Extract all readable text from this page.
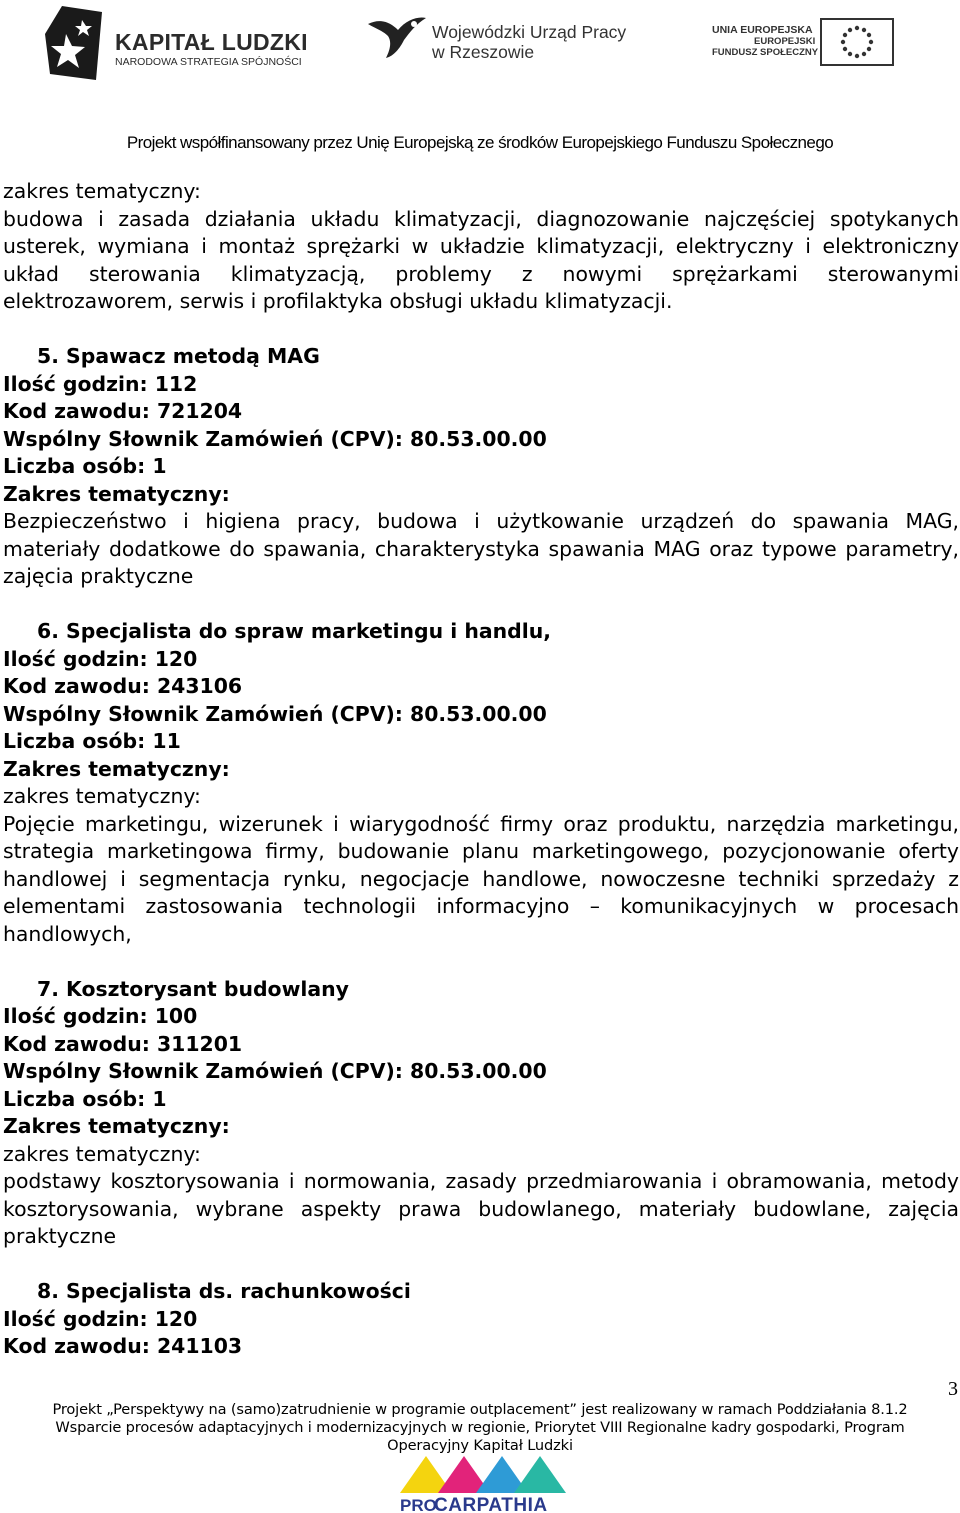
KAPITAŁ LUDZKI
NARODOWA STRATEGIA SPÓJNOŚCI
Wojewódzki Urząd Pracy
w Rzeszowie
UNIA EUROPEJSKA
EUROPEJSKI
FUNDUSZ SPOŁECZNY
Projekt współfinansowany przez Unię Europejską ze środków Europejskiego Funduszu Społecznego

zakres tematyczny:

budowa i zasada działania układu klimatyzacji, diagnozowanie najczęściej spotykanych usterek, wymiana i montaż sprężarki w układzie klimatyzacji, elektryczny i elektroniczny układ sterowania klimatyzacją, problemy z nowymi sprężarkami sterowanymi elektrozaworem, serwis i profilaktyka obsługi układu klimatyzacji.

5. Spawacz metodą MAG

Ilość godzin: 112

Kod zawodu: 721204

Wspólny Słownik Zamówień (CPV): 80.53.00.00

Liczba osób: 1

Zakres tematyczny:

Bezpieczeństwo i higiena pracy, budowa i użytkowanie urządzeń do spawania MAG, materiały dodatkowe do spawania, charakterystyka spawania MAG oraz typowe parametry, zajęcia praktyczne

6. Specjalista do spraw marketingu i handlu,

Ilość godzin: 120

Kod zawodu: 243106

Wspólny Słownik Zamówień (CPV): 80.53.00.00

Liczba osób: 11

Zakres tematyczny:

zakres tematyczny:

Pojęcie marketingu, wizerunek i wiarygodność firmy oraz produktu, narzędzia marketingu, strategia marketingowa firmy, budowanie planu marketingowego, pozycjonowanie oferty handlowej i segmentacja rynku, negocjacje handlowe, nowoczesne techniki sprzedaży z elementami zastosowania technologii informacyjno – komunikacyjnych w procesach handlowych,

7. Kosztorysant budowlany

Ilość godzin: 100

Kod zawodu: 311201

Wspólny Słownik Zamówień (CPV): 80.53.00.00

Liczba osób: 1

Zakres tematyczny:

zakres tematyczny:

podstawy kosztorysowania i normowania, zasady przedmiarowania i obramowania, metody kosztorysowania, wybrane aspekty prawa budowlanego, materiały budowlane, zajęcia praktyczne

8. Specjalista ds. rachunkowości

Ilość godzin: 120

Kod zawodu: 241103

3
Projekt „Perspektywy na (samo)zatrudnienie w programie outplacement” jest realizowany w ramach Poddziałania 8.1.2
Wsparcie procesów adaptacyjnych i modernizacyjnych w regionie, Priorytet VIII Regionalne kadry gospodarki, Program
Operacyjny Kapitał Ludzki
PRO
CARPATHIA
